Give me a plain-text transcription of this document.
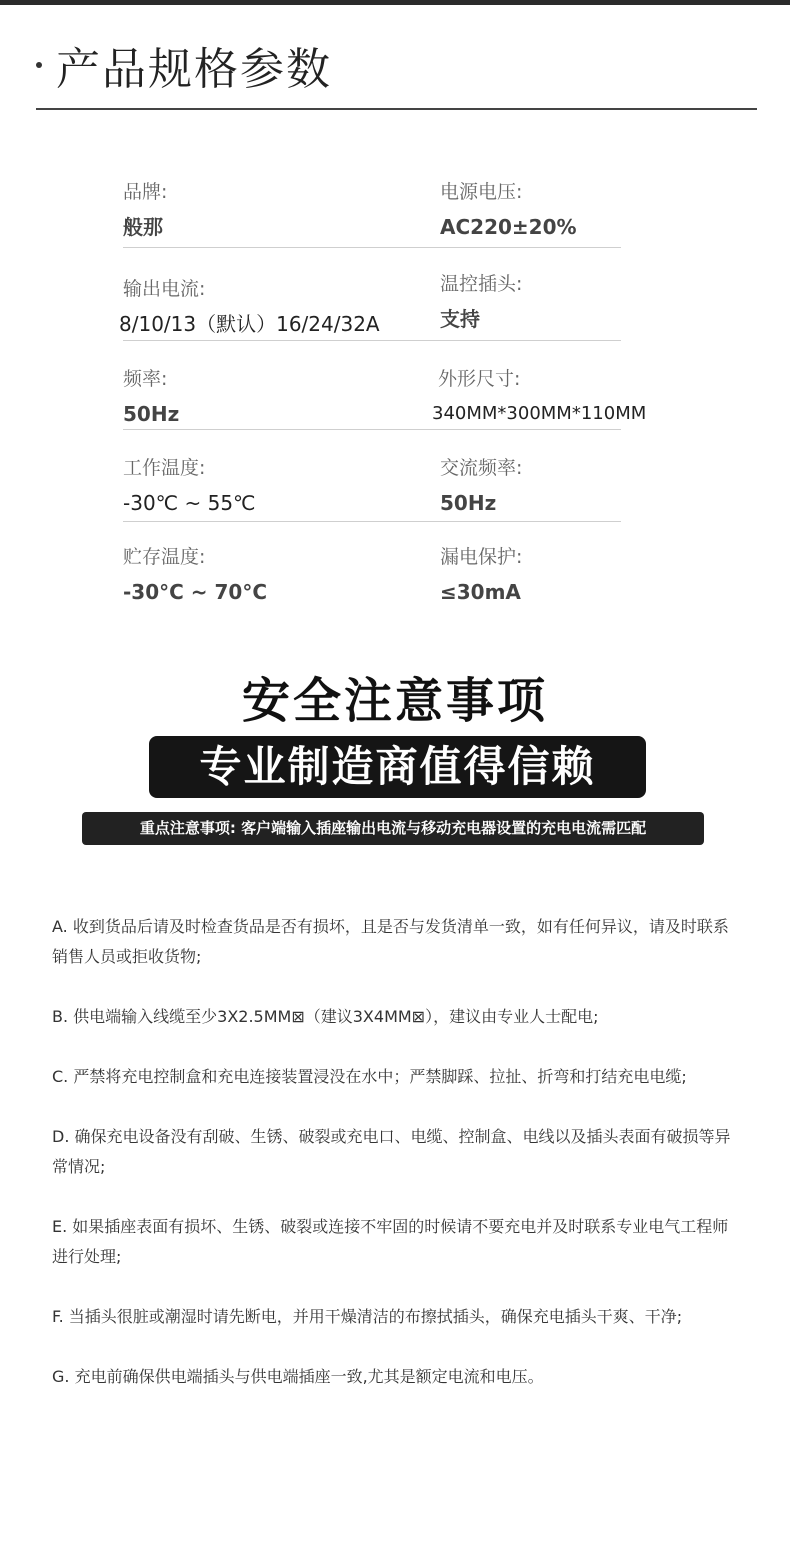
产品规格参数
品牌:
般那
电源电压:
AC220±20%
输出电流:
8/10/13（默认）16/24/32A
温控插头:
支持
频率:
50Hz
外形尺寸:
340MM*300MM*110MM
工作温度:
-30℃ ~ 55℃
交流频率:
50Hz
贮存温度:
-30°C ~ 70°C
漏电保护:
≤30mA
安全注意事项
专业制造商值得信赖
重点注意事项: 客户端输入插座输出电流与移动充电器设置的充电电流需匹配

A. 收到货品后请及时检查货品是否有损坏，且是否与发货清单一致，如有任何异议，请及时联系销售人员或拒收货物;

B. 供电端输入线缆至少3X2.5MM⊠（建议3X4MM⊠），建议由专业人士配电;

C. 严禁将充电控制盒和充电连接装置浸没在水中；严禁脚踩、拉扯、折弯和打结充电电缆;

D. 确保充电设备没有刮破、生锈、破裂或充电口、电缆、控制盒、电线以及插头表面有破损等异常情况;

E. 如果插座表面有损坏、生锈、破裂或连接不牢固的时候请不要充电并及时联系专业电气工程师进行处理;

F. 当插头很脏或潮湿时请先断电，并用干燥清洁的布擦拭插头，确保充电插头干爽、干净;

G. 充电前确保供电端插头与供电端插座一致,尤其是额定电流和电压。
